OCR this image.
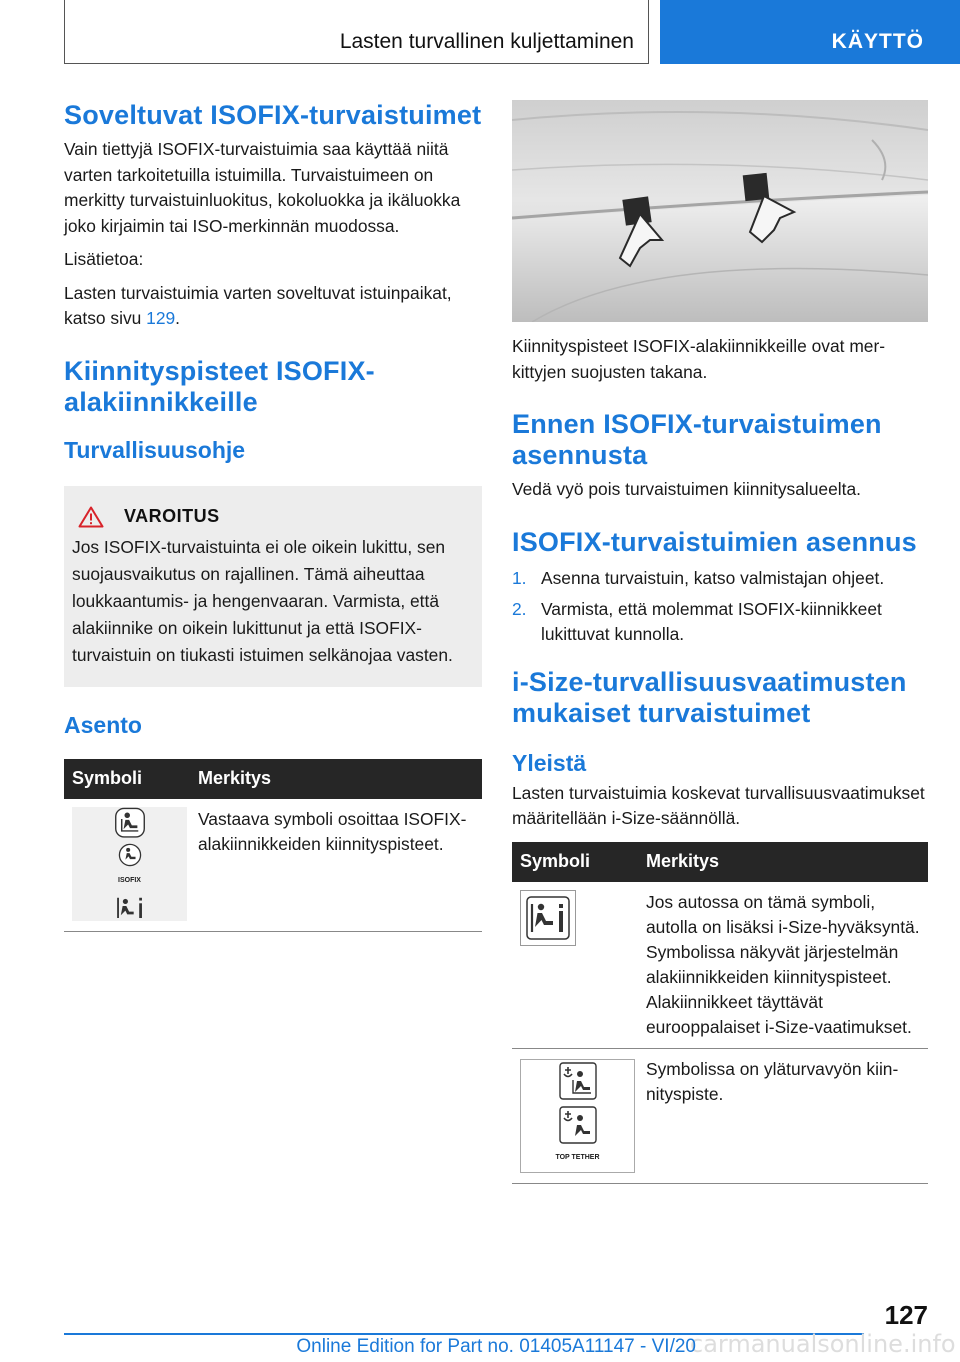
Lasten turvallinen kuljettaminen	KÄYTTÖ
Soveltuvat ISOFIX-turvaistuimet

Vain tiettyjä ISOFIX-turvaistuimia saa käyttää niitä varten tarkoitetuilla istuimilla. Turvaistuimeen on merkitty turvaistuinluokitus, kokoluokka ja ikäluokka joko kirjaimin tai ISO-merkinnän muodossa.

Lisätietoa:

Lasten turvaistuimia varten soveltuvat istuinpaikat, katso sivu 129.

Kiinnityspisteet ISOFIX-alakiinnikkeille
Turvallisuusohje
VAROITUS

Jos ISOFIX-turvaistuinta ei ole oikein lukittu, sen suojausvaikutus on rajallinen. Tämä aiheuttaa loukkaantumis- ja hengenvaaran. Varmista, että alakiinnike on oikein lukittunut ja että ISOFIX-turvaistuin on tiukasti istuimen selkänojaa vasten.

Asento
Symboli	Merkitys

ISOFIX	Vastaava symboli osoittaa ISOFIX-alakiinnikkeiden kiinnityspisteet.

Kiinnityspisteet ISOFIX-alakiinnikkeille ovat merkittyjen suojusten takana.

Ennen ISOFIX-turvaistuimen asennusta

Vedä vyö pois turvaistuimen kiinnitysalueelta.

ISOFIX-turvaistuimien asennus
1. Asenna turvaistuin, katso valmistajan ohjeet.
2. Varmista, että molemmat ISOFIX-kiinnikkeet lukittuvat kunnolla.
i-Size-turvallisuusvaatimusten mukaiset turvaistuimet
Yleistä

Lasten turvaistuimia koskevat turvallisuusvaatimukset määritellään i-Size-säännöllä.

Symboli	Merkitys

	Jos autossa on tämä symboli, autolla on lisäksi i-Size-hyväksyntä. Symbolissa näkyvät järjestelmän alakiinnikkeiden kiinnityspisteet. Alakiinnikkeet täyttävät eurooppalaiset i-Size-vaatimukset.

TOP TETHER	Symbolissa on yläturvavyön kiinnityspiste.
127
carmanualsonline.info
Online Edition for Part no. 01405A11147 - VI/20
